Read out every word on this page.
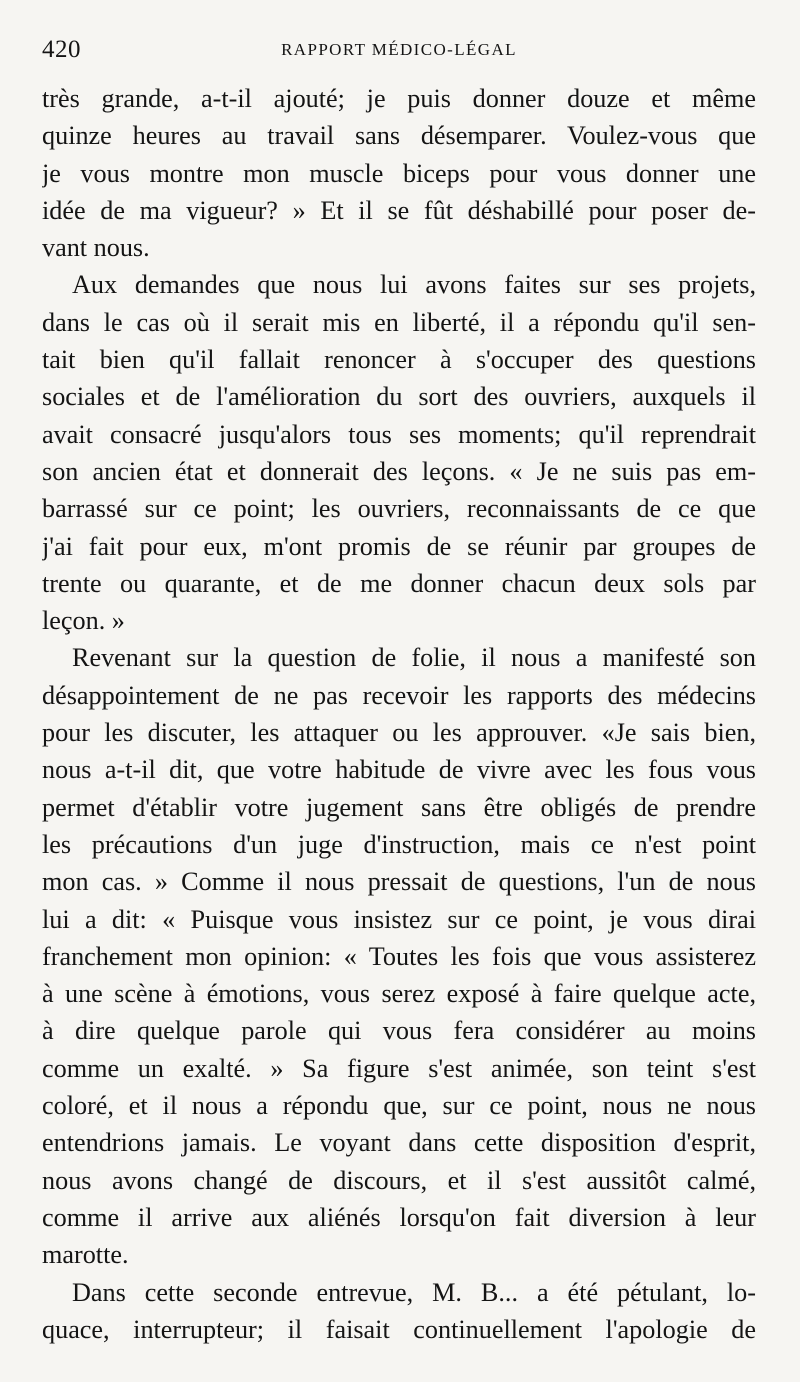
420	RAPPORT MÉDICO-LÉGAL
très grande, a-t-il ajouté; je puis donner douze et même
quinze heures au travail sans désemparer. Voulez-vous que
je vous montre mon muscle biceps pour vous donner une
idée de ma vigueur? » Et il se fût déshabillé pour poser de-
vant nous.
Aux demandes que nous lui avons faites sur ses projets,
dans le cas où il serait mis en liberté, il a répondu qu'il sen-
tait bien qu'il fallait renoncer à s'occuper des questions
sociales et de l'amélioration du sort des ouvriers, auxquels il
avait consacré jusqu'alors tous ses moments; qu'il reprendrait
son ancien état et donnerait des leçons. « Je ne suis pas em-
barrassé sur ce point; les ouvriers, reconnaissants de ce que
j'ai fait pour eux, m'ont promis de se réunir par groupes de
trente ou quarante, et de me donner chacun deux sols par
leçon. »
Revenant sur la question de folie, il nous a manifesté son
désappointement de ne pas recevoir les rapports des médecins
pour les discuter, les attaquer ou les approuver. «Je sais bien,
nous a-t-il dit, que votre habitude de vivre avec les fous vous
permet d'établir votre jugement sans être obligés de prendre
les précautions d'un juge d'instruction, mais ce n'est point
mon cas. » Comme il nous pressait de questions, l'un de nous
lui a dit: « Puisque vous insistez sur ce point, je vous dirai
franchement mon opinion: « Toutes les fois que vous assisterez
à une scène à émotions, vous serez exposé à faire quelque acte,
à dire quelque parole qui vous fera considérer au moins
comme un exalté. » Sa figure s'est animée, son teint s'est
coloré, et il nous a répondu que, sur ce point, nous ne nous
entendrions jamais. Le voyant dans cette disposition d'esprit,
nous avons changé de discours, et il s'est aussitôt calmé,
comme il arrive aux aliénés lorsqu'on fait diversion à leur
marotte.
Dans cette seconde entrevue, M. B... a été pétulant, lo-
quace, interrupteur; il faisait continuellement l'apologie de
